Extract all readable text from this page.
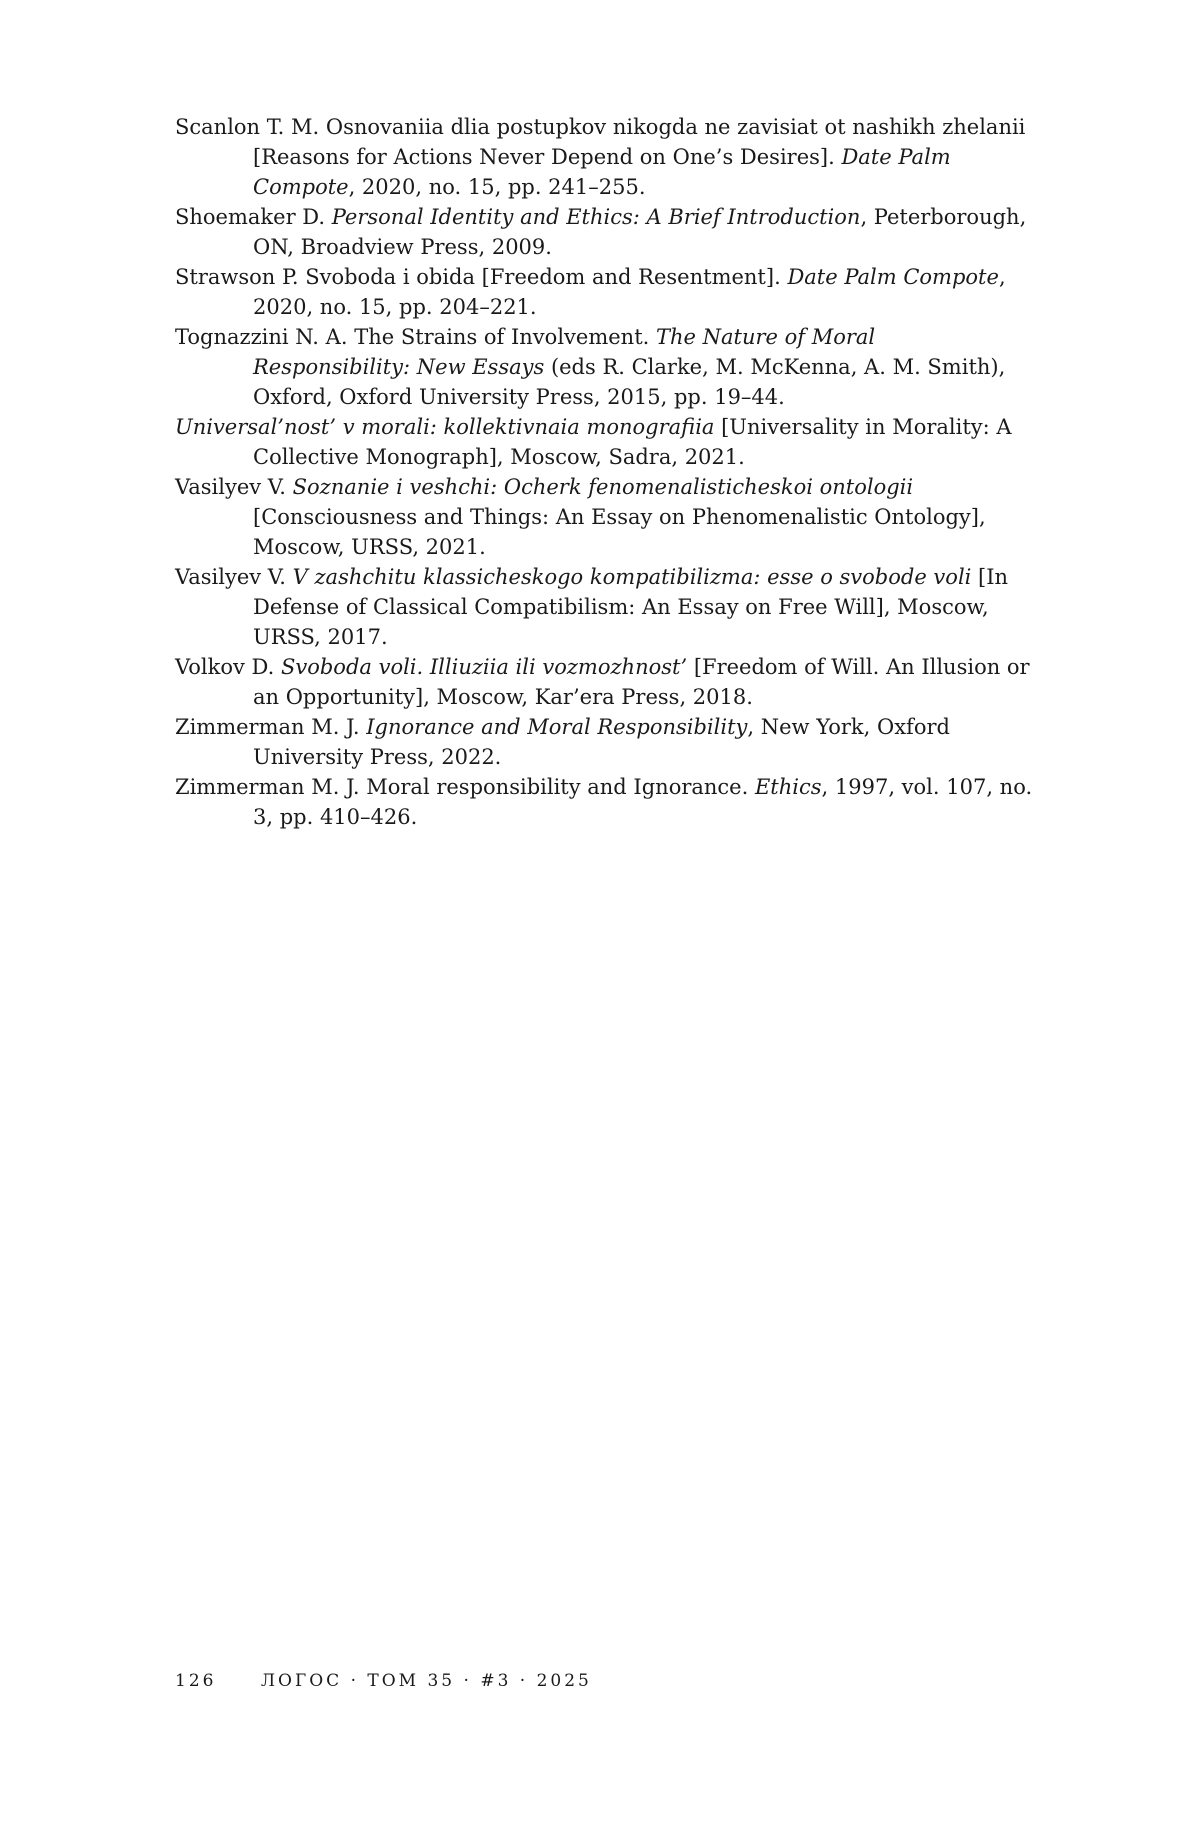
Scanlon T. M. Osnovaniia dlia postupkov nikogda ne zavisiat ot nashikh zhelanii [Reasons for Actions Never Depend on One’s Desires]. Date Palm Compote, 2020, no. 15, pp. 241–255.
Shoemaker D. Personal Identity and Ethics: A Brief Introduction, Peterborough, ON, Broadview Press, 2009.
Strawson P. Svoboda i obida [Freedom and Resentment]. Date Palm Compote, 2020, no. 15, pp. 204–221.
Tognazzini N. A. The Strains of Involvement. The Nature of Moral Responsibility: New Essays (eds R. Clarke, M. McKenna, A. M. Smith), Oxford, Oxford University Press, 2015, pp. 19–44.
Universal’nost’ v morali: kollektivnaia monografiia [Universality in Morality: A Collective Monograph], Moscow, Sadra, 2021.
Vasilyev V. Soznanie i veshchi: Ocherk fenomenalisticheskoi ontologii [Consciousness and Things: An Essay on Phenomenalistic Ontology], Moscow, URSS, 2021.
Vasilyev V. V zashchitu klassicheskogo kompatibilizma: esse o svobode voli [In Defense of Classical Compatibilism: An Essay on Free Will], Moscow, URSS, 2017.
Volkov D. Svoboda voli. Illiuziia ili vozmozhnost’ [Freedom of Will. An Illusion or an Opportunity], Moscow, Kar’era Press, 2018.
Zimmerman M. J. Ignorance and Moral Responsibility, New York, Oxford University Press, 2022.
Zimmerman M. J. Moral responsibility and Ignorance. Ethics, 1997, vol. 107, no. 3, pp. 410–426.
126	ЛОГОС · ТОМ 35 · #3 · 2025
